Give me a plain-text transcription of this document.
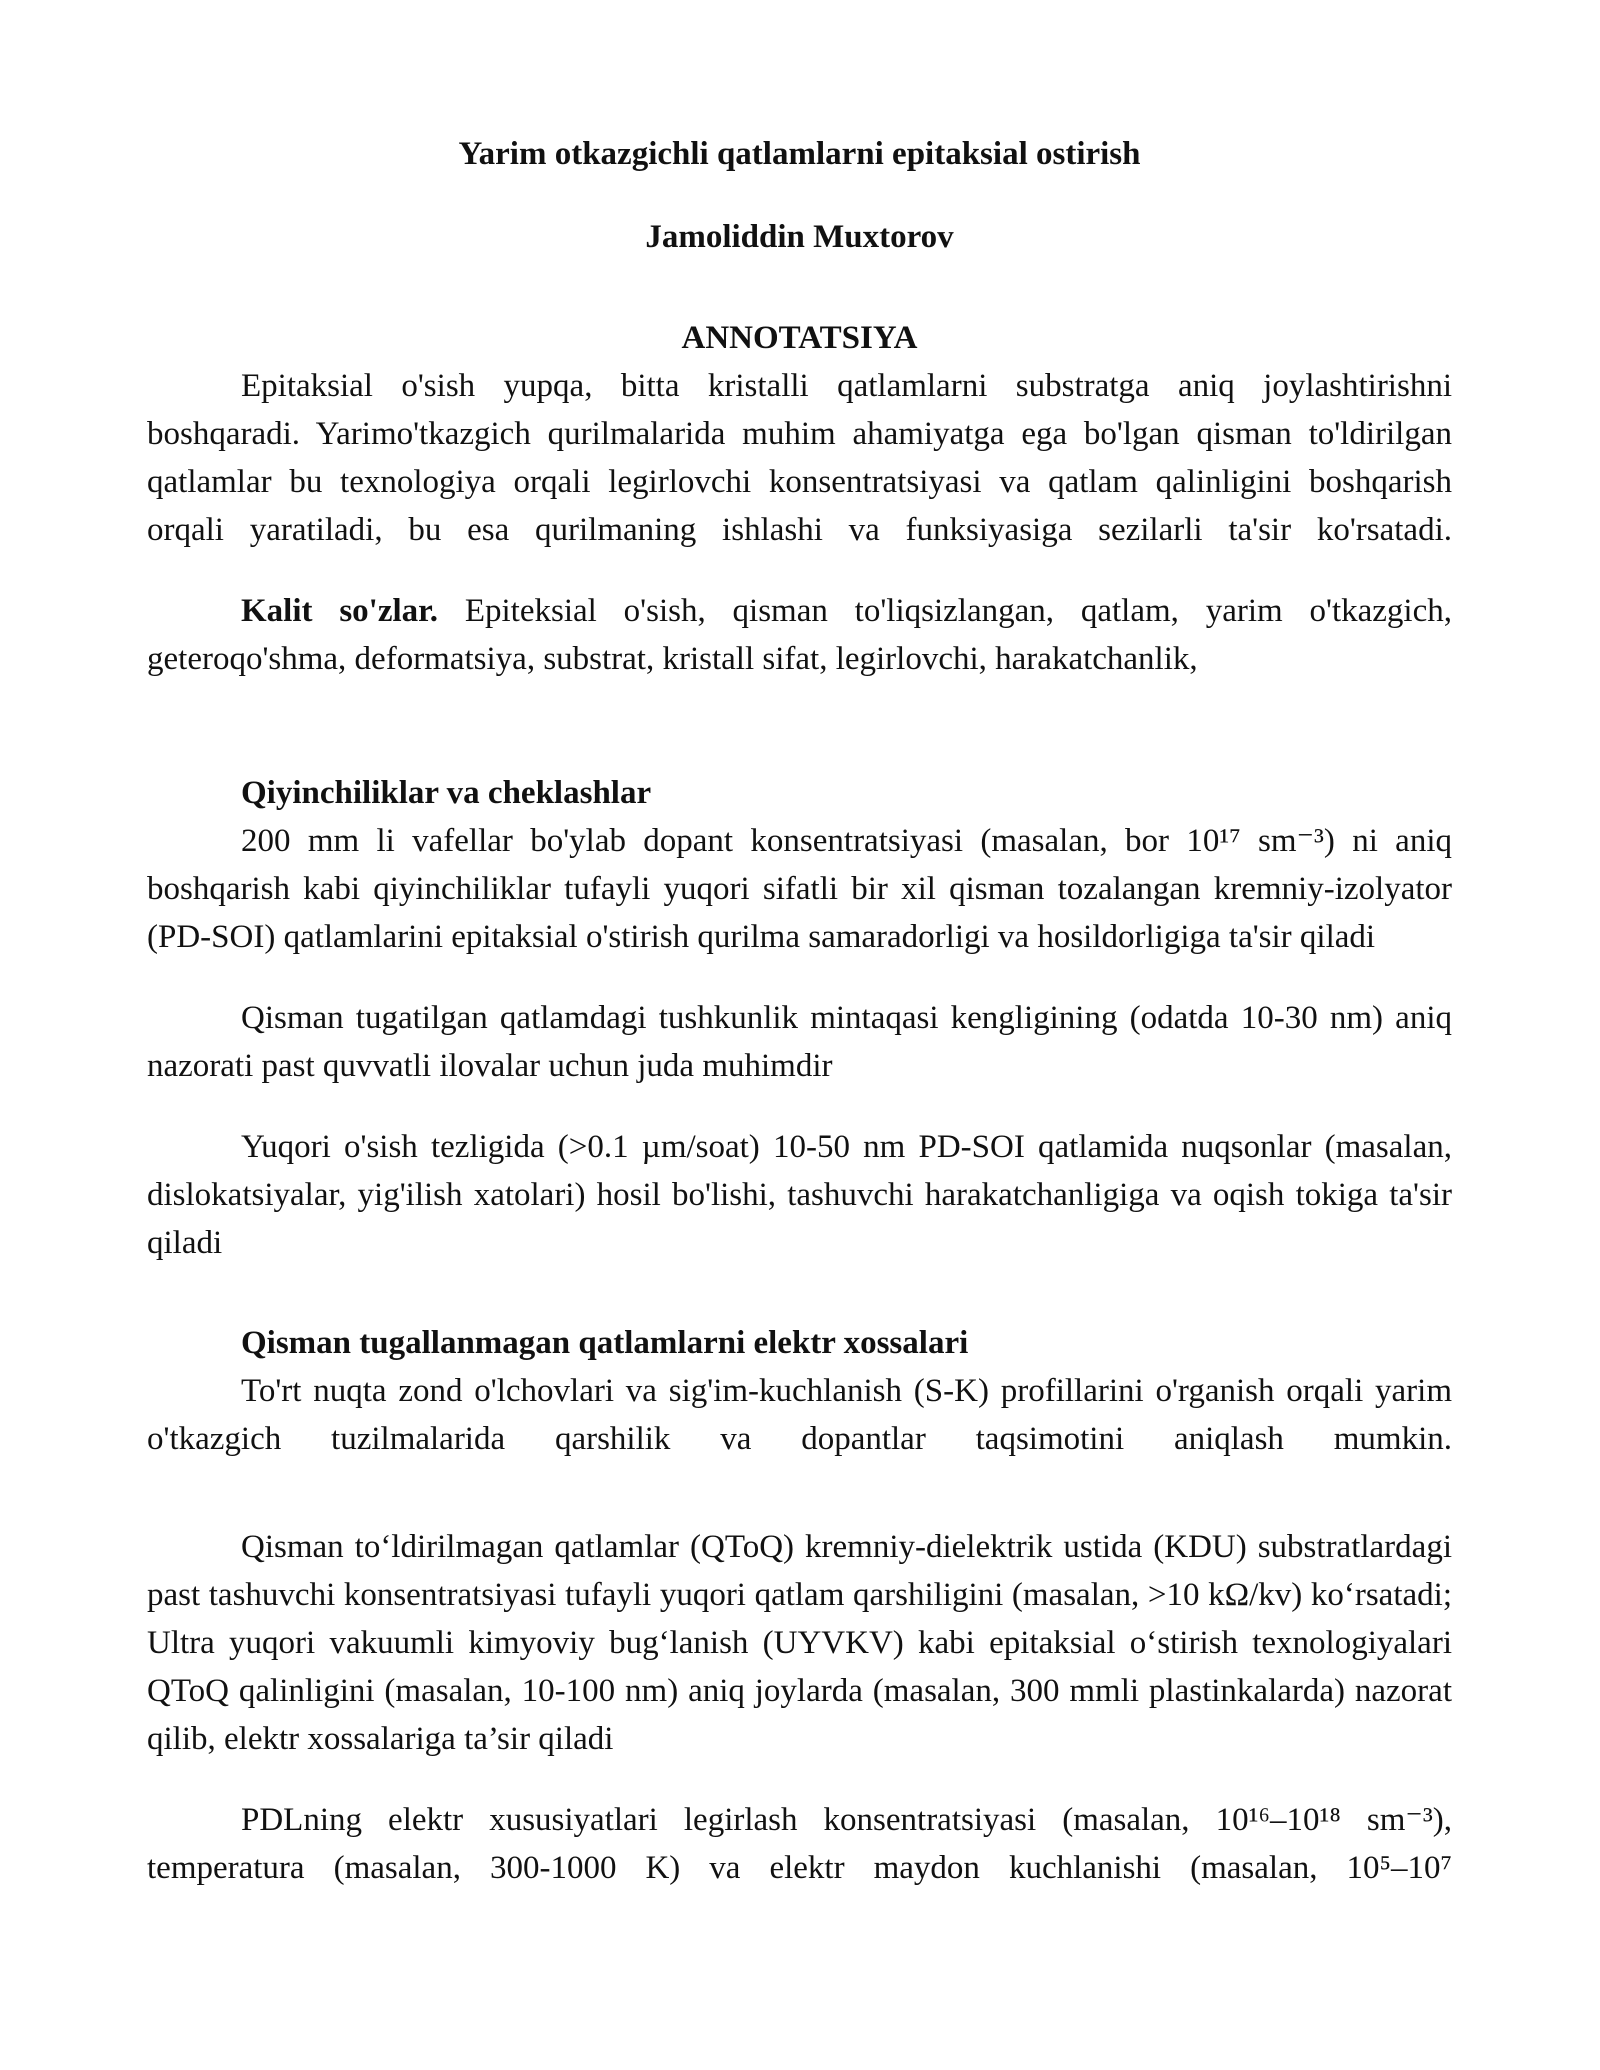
Yarim otkazgichli qatlamlarni epitaksial ostirish
Jamoliddin Muxtorov
ANNOTATSIYA

Epitaksial o'sish yupqa, bitta kristalli qatlamlarni substratga aniq joylashtirishni boshqaradi. Yarimo'tkazgich qurilmalarida muhim ahamiyatga ega bo'lgan qisman to'ldirilgan qatlamlar bu texnologiya orqali legirlovchi konsentratsiyasi va qatlam qalinligini boshqarish orqali yaratiladi, bu esa qurilmaning ishlashi va funksiyasiga sezilarli ta'sir ko'rsatadi.

Kalit so'zlar. Epiteksial o'sish, qisman to'liqsizlangan, qatlam, yarim o'tkazgich, geteroqo'shma, deformatsiya, substrat, kristall sifat, legirlovchi, harakatchanlik,

Qiyinchiliklar va cheklashlar

200 mm li vafellar bo'ylab dopant konsentratsiyasi (masalan, bor 10¹⁷ sm⁻³) ni aniq boshqarish kabi qiyinchiliklar tufayli yuqori sifatli bir xil qisman tozalangan kremniy-izolyator (PD-SOI) qatlamlarini epitaksial o'stirish qurilma samaradorligi va hosildorligiga ta'sir qiladi

Qisman tugatilgan qatlamdagi tushkunlik mintaqasi kengligining (odatda 10-30 nm) aniq nazorati past quvvatli ilovalar uchun juda muhimdir

Yuqori o'sish tezligida (>0.1 µm/soat) 10-50 nm PD-SOI qatlamida nuqsonlar (masalan, dislokatsiyalar, yig'ilish xatolari) hosil bo'lishi, tashuvchi harakatchanligiga va oqish tokiga ta'sir qiladi

Qisman tugallanmagan qatlamlarni elektr xossalari

To'rt nuqta zond o'lchovlari va sig'im-kuchlanish (S-K) profillarini o'rganish orqali yarim o'tkazgich tuzilmalarida qarshilik va dopantlar taqsimotini aniqlash mumkin.

Qisman to‘ldirilmagan qatlamlar (QToQ) kremniy-dielektrik ustida (KDU) substratlardagi past tashuvchi konsentratsiyasi tufayli yuqori qatlam qarshiligini (masalan, >10 kΩ/kv) ko‘rsatadi; Ultra yuqori vakuumli kimyoviy bug‘lanish (UYVKV) kabi epitaksial o‘stirish texnologiyalari QToQ qalinligini (masalan, 10-100 nm) aniq joylarda (masalan, 300 mmli plastinkalarda) nazorat qilib, elektr xossalariga ta’sir qiladi

PDLning elektr xususiyatlari legirlash konsentratsiyasi (masalan, 10¹⁶–10¹⁸ sm⁻³), temperatura (masalan, 300-1000 K) va elektr maydon kuchlanishi (masalan, 10⁵–10⁷
